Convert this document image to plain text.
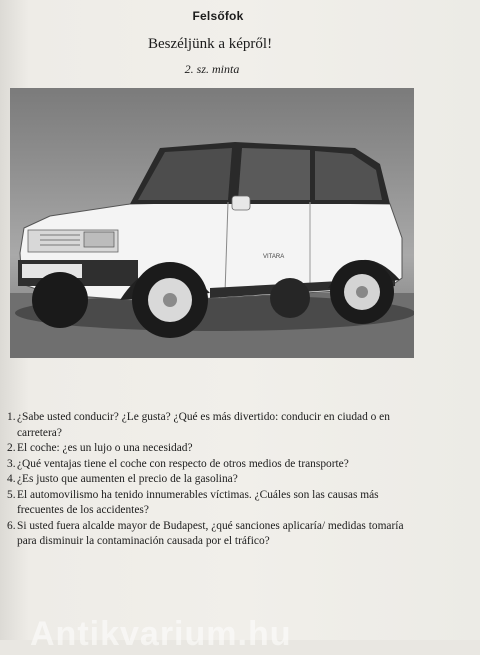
Felsőfok
Beszéljünk a képről!
2. sz. minta
VITARA
1. ¿Sabe usted conducir? ¿Le gusta? ¿Qué es más divertido: conducir en ciudad o en carretera?
2. El coche: ¿es un lujo o una necesidad?
3. ¿Qué ventajas tiene el coche con respecto de otros medios de transporte?
4. ¿Es justo que aumenten el precio de la gasolina?
5. El automovilismo ha tenido innumerables víctimas. ¿Cuáles son las causas más frecuentes de los accidentes?
6. Si usted fuera alcalde mayor de Budapest, ¿qué sanciones aplicaría/ medidas tomaría para disminuir la contaminación causada por el tráfico?
Antikvarium.hu
